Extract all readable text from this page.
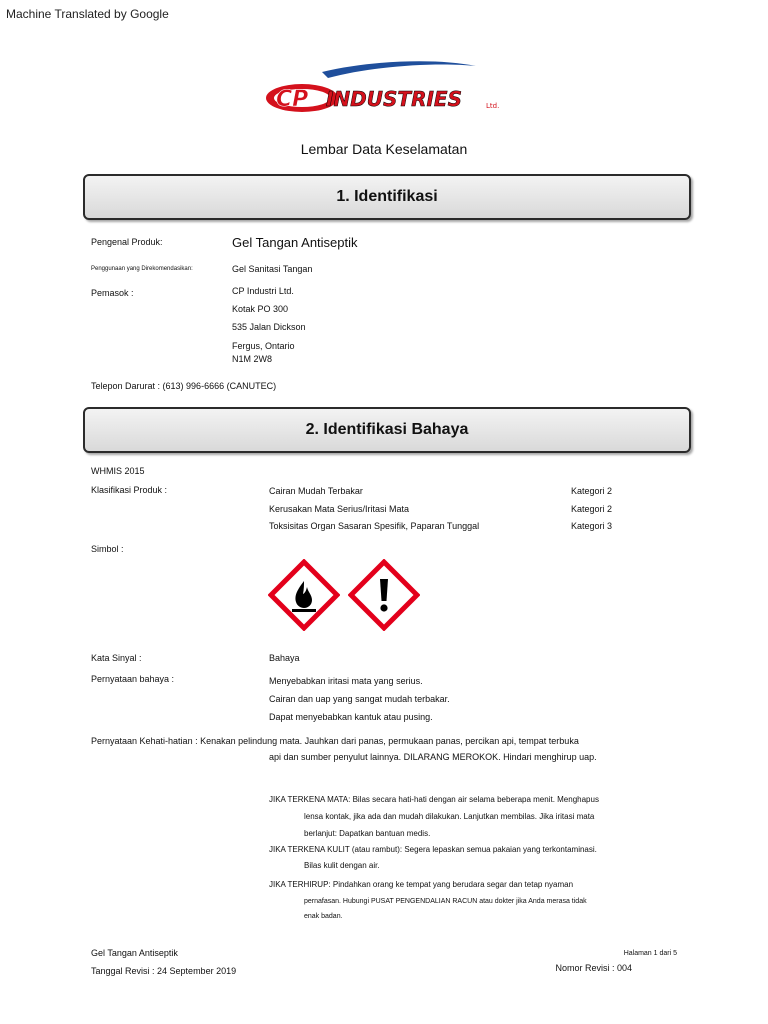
Machine Translated by Google
CP INDUSTRIES	Ltd.
Lembar Data Keselamatan
1. Identifikasi
Pengenal Produk:	Gel Tangan Antiseptik
Penggunaan yang Direkomendasikan:	Gel Sanitasi Tangan
Pemasok :	CP Industri Ltd.
Kotak PO 300
535 Jalan Dickson
Fergus, Ontario
N1M 2W8
Telepon Darurat : (613) 996-6666 (CANUTEC)
2. Identifikasi Bahaya
WHMIS 2015
Klasifikasi Produk :	Cairan Mudah Terbakar	Kategori 2
Kerusakan Mata Serius/Iritasi Mata	Kategori 2
Toksisitas Organ Sasaran Spesifik, Paparan Tunggal	Kategori 3
Simbol :
Kata Sinyal :	Bahaya
Pernyataan bahaya :	Menyebabkan iritasi mata yang serius.
Cairan dan uap yang sangat mudah terbakar.
Dapat menyebabkan kantuk atau pusing.
Pernyataan Kehati-hatian : Kenakan pelindung mata. Jauhkan dari panas, permukaan panas, percikan api, tempat terbuka
api dan sumber penyulut lainnya. DILARANG MEROKOK. Hindari menghirup uap.
JIKA TERKENA MATA: Bilas secara hati-hati dengan air selama beberapa menit. Menghapus
lensa kontak, jika ada dan mudah dilakukan. Lanjutkan membilas. Jika iritasi mata
berlanjut: Dapatkan bantuan medis.
JIKA TERKENA KULIT (atau rambut): Segera lepaskan semua pakaian yang terkontaminasi.
Bilas kulit dengan air.
JIKA TERHIRUP: Pindahkan orang ke tempat yang berudara segar dan tetap nyaman
pernafasan. Hubungi PUSAT PENGENDALIAN RACUN atau dokter jika Anda merasa tidak
enak badan.
Gel Tangan Antiseptik
Tanggal Revisi : 24 September 2019
Halaman 1 dari 5
Nomor Revisi : 004
